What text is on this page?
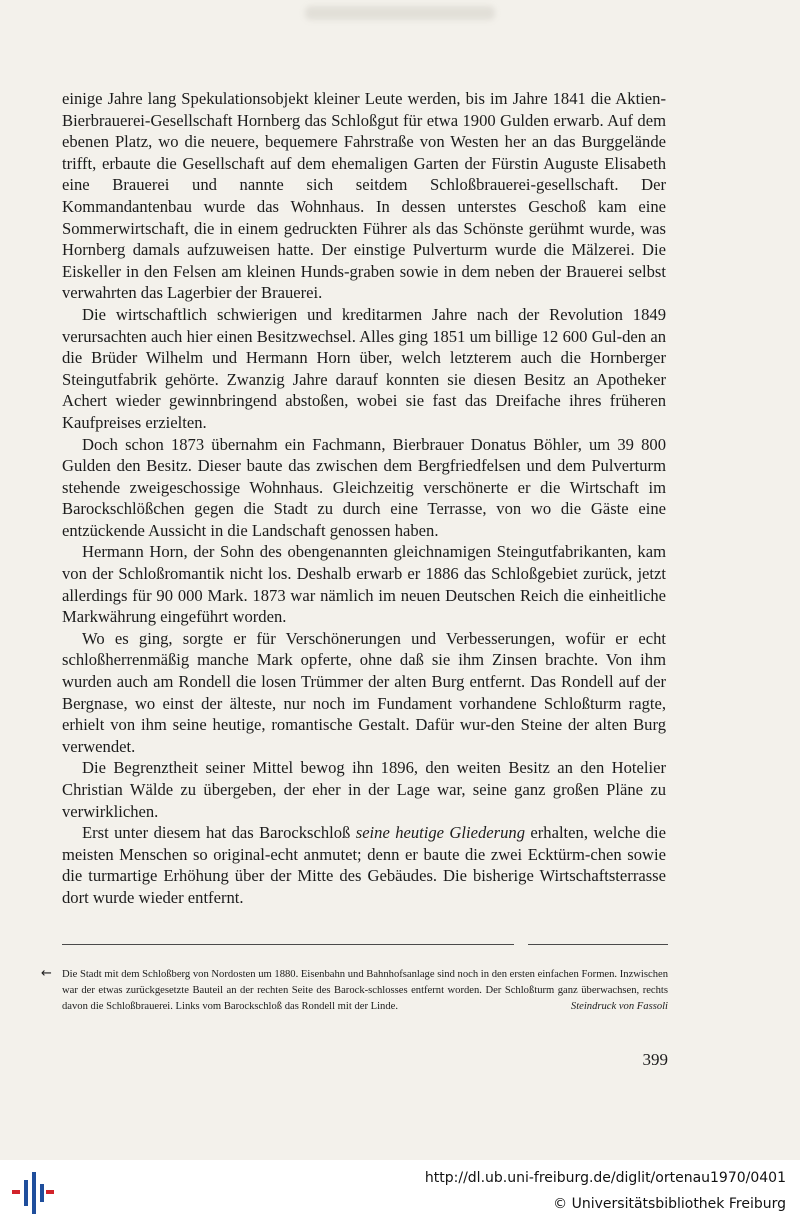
einige Jahre lang Spekulationsobjekt kleiner Leute werden, bis im Jahre 1841 die Aktien-Bierbrauerei-Gesellschaft Hornberg das Schloßgut für etwa 1900 Gulden erwarb. Auf dem ebenen Platz, wo die neuere, bequemere Fahrstraße von Westen her an das Burggelände trifft, erbaute die Gesellschaft auf dem ehemaligen Garten der Fürstin Auguste Elisabeth eine Brauerei und nannte sich seitdem Schloßbrauerei-gesellschaft. Der Kommandantenbau wurde das Wohnhaus. In dessen unterstes Geschoß kam eine Sommerwirtschaft, die in einem gedruckten Führer als das Schönste gerühmt wurde, was Hornberg damals aufzuweisen hatte. Der einstige Pulverturm wurde die Mälzerei. Die Eiskeller in den Felsen am kleinen Hunds-graben sowie in dem neben der Brauerei selbst verwahrten das Lagerbier der Brauerei.

Die wirtschaftlich schwierigen und kreditarmen Jahre nach der Revolution 1849 verursachten auch hier einen Besitzwechsel. Alles ging 1851 um billige 12 600 Gul-den an die Brüder Wilhelm und Hermann Horn über, welch letzterem auch die Hornberger Steingutfabrik gehörte. Zwanzig Jahre darauf konnten sie diesen Besitz an Apotheker Achert wieder gewinnbringend abstoßen, wobei sie fast das Dreifache ihres früheren Kaufpreises erzielten.

Doch schon 1873 übernahm ein Fachmann, Bierbrauer Donatus Böhler, um 39 800 Gulden den Besitz. Dieser baute das zwischen dem Bergfriedfelsen und dem Pulverturm stehende zweigeschossige Wohnhaus. Gleichzeitig verschönerte er die Wirtschaft im Barockschlößchen gegen die Stadt zu durch eine Terrasse, von wo die Gäste eine entzückende Aussicht in die Landschaft genossen haben.

Hermann Horn, der Sohn des obengenannten gleichnamigen Steingutfabrikanten, kam von der Schloßromantik nicht los. Deshalb erwarb er 1886 das Schloßgebiet zurück, jetzt allerdings für 90 000 Mark. 1873 war nämlich im neuen Deutschen Reich die einheitliche Markwährung eingeführt worden.

Wo es ging, sorgte er für Verschönerungen und Verbesserungen, wofür er echt schloßherrenmäßig manche Mark opferte, ohne daß sie ihm Zinsen brachte. Von ihm wurden auch am Rondell die losen Trümmer der alten Burg entfernt. Das Rondell auf der Bergnase, wo einst der älteste, nur noch im Fundament vorhandene Schloßturm ragte, erhielt von ihm seine heutige, romantische Gestalt. Dafür wur-den Steine der alten Burg verwendet.

Die Begrenztheit seiner Mittel bewog ihn 1896, den weiten Besitz an den Hotelier Christian Wälde zu übergeben, der eher in der Lage war, seine ganz großen Pläne zu verwirklichen.

Erst unter diesem hat das Barockschloß seine heutige Gliederung erhalten, welche die meisten Menschen so original-echt anmutet; denn er baute die zwei Ecktürm-chen sowie die turmartige Erhöhung über der Mitte des Gebäudes. Die bisherige Wirtschaftsterrasse dort wurde wieder entfernt.

← Die Stadt mit dem Schloßberg von Nordosten um 1880. Eisenbahn und Bahnhofsanlage sind noch in den ersten einfachen Formen. Inzwischen war der etwas zurückgesetzte Bauteil an der rechten Seite des Barock-schlosses entfernt worden. Der Schloßturm ganz überwachsen, rechts davon die Schloßbrauerei. Links vom Barockschloß das Rondell mit der Linde.	Steindruck von Fassoli
399
http://dl.ub.uni-freiburg.de/diglit/ortenau1970/0401
© Universitätsbibliothek Freiburg
